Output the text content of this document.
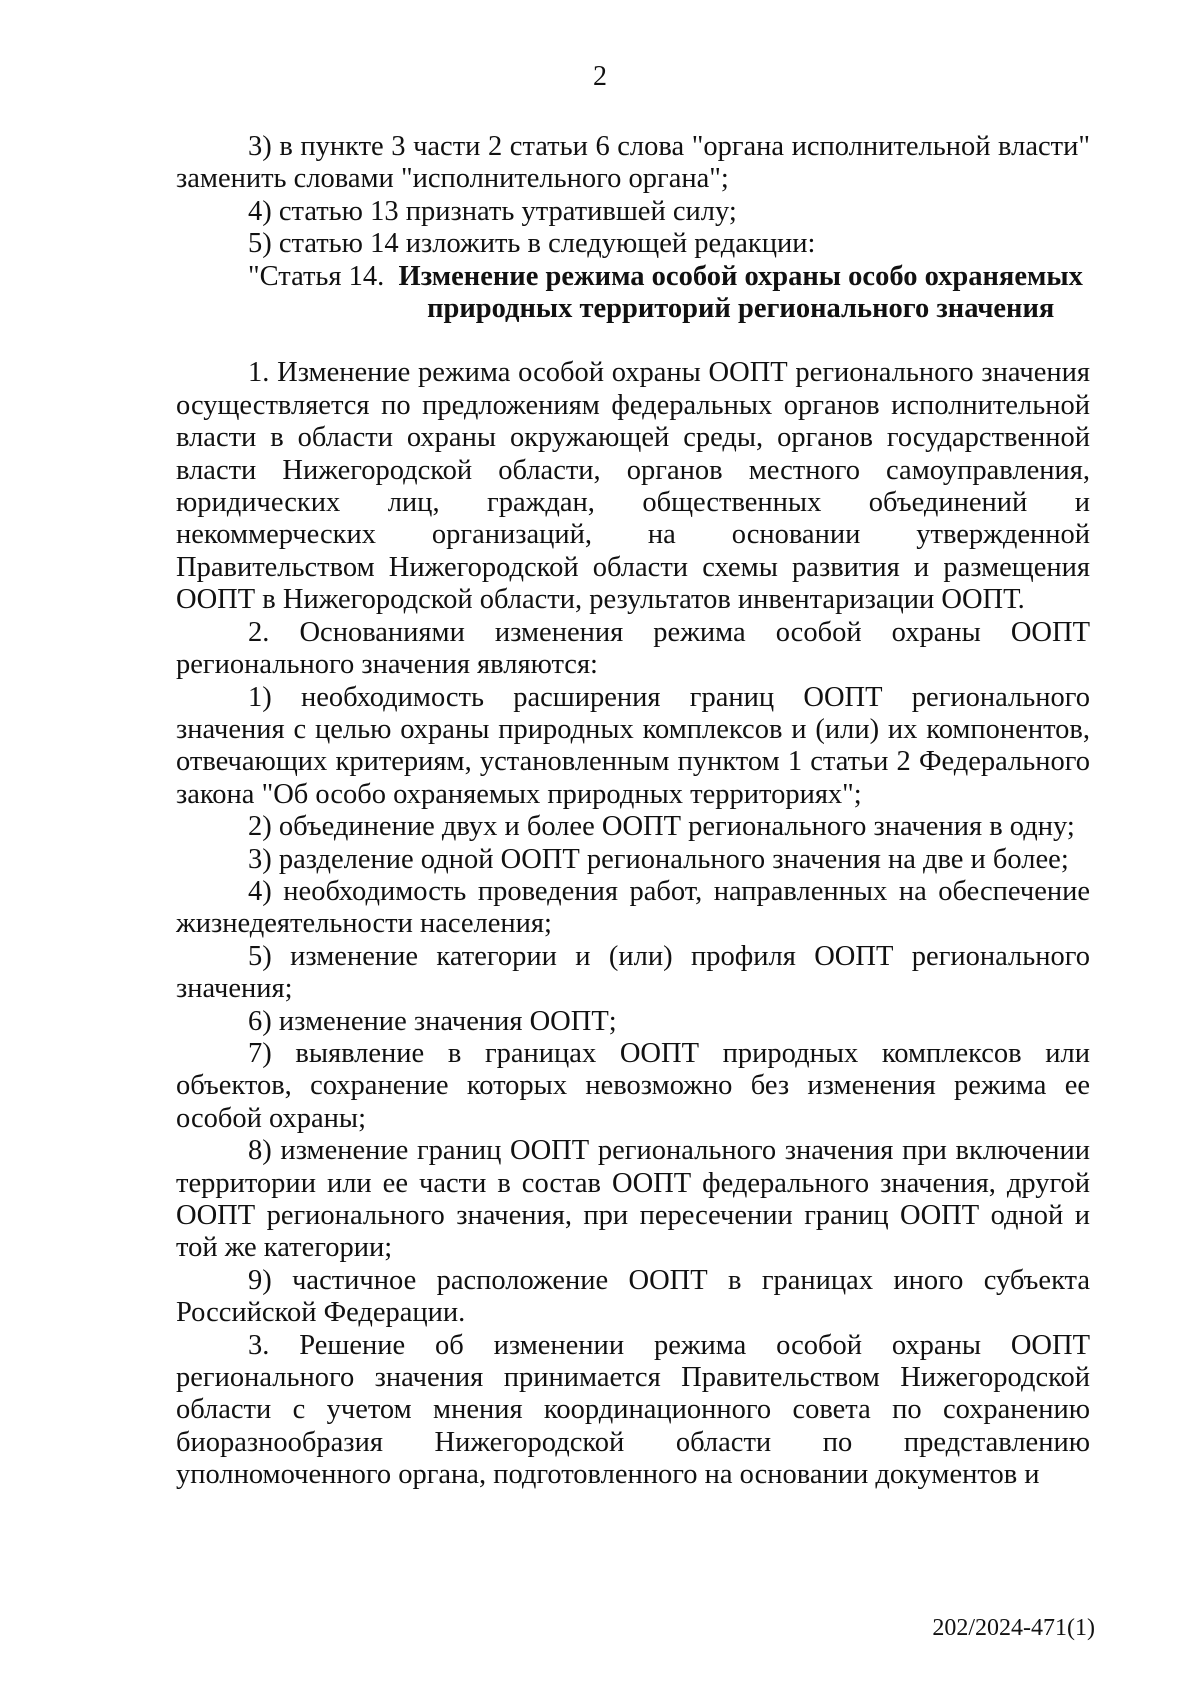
2

3) в пункте 3 части 2 статьи 6 слова "органа исполнительной власти" заменить словами "исполнительного органа";

4) статью 13 признать утратившей силу;

5) статью 14 изложить в следующей редакции:

"Статья 14. Изменение режима особой охраны особо охраняемых природных территорий регионального значения

1. Изменение режима особой охраны ООПТ регионального значения осуществляется по предложениям федеральных органов исполнительной власти в области охраны окружающей среды, органов государственной власти Нижегородской области, органов местного самоуправления, юридических лиц, граждан, общественных объединений и некоммерческих организаций, на основании утвержденной Правительством Нижегородской области схемы развития и размещения ООПТ в Нижегородской области, результатов инвентаризации ООПТ.

2. Основаниями изменения режима особой охраны ООПТ регионального значения являются:

1) необходимость расширения границ ООПТ регионального значения с целью охраны природных комплексов и (или) их компонентов, отвечающих критериям, установленным пунктом 1 статьи 2 Федерального закона "Об особо охраняемых природных территориях";

2) объединение двух и более ООПТ регионального значения в одну;

3) разделение одной ООПТ регионального значения на две и более;

4) необходимость проведения работ, направленных на обеспечение жизнедеятельности населения;

5) изменение категории и (или) профиля ООПТ регионального значения;

6) изменение значения ООПТ;

7) выявление в границах ООПТ природных комплексов или объектов, сохранение которых невозможно без изменения режима ее особой охраны;

8) изменение границ ООПТ регионального значения при включении территории или ее части в состав ООПТ федерального значения, другой ООПТ регионального значения, при пересечении границ ООПТ одной и той же категории;

9) частичное расположение ООПТ в границах иного субъекта Российской Федерации.

3. Решение об изменении режима особой охраны ООПТ регионального значения принимается Правительством Нижегородской области с учетом мнения координационного совета по сохранению биоразнообразия Нижегородской области по представлению уполномоченного органа, подготовленного на основании документов и

202/2024-471(1)
